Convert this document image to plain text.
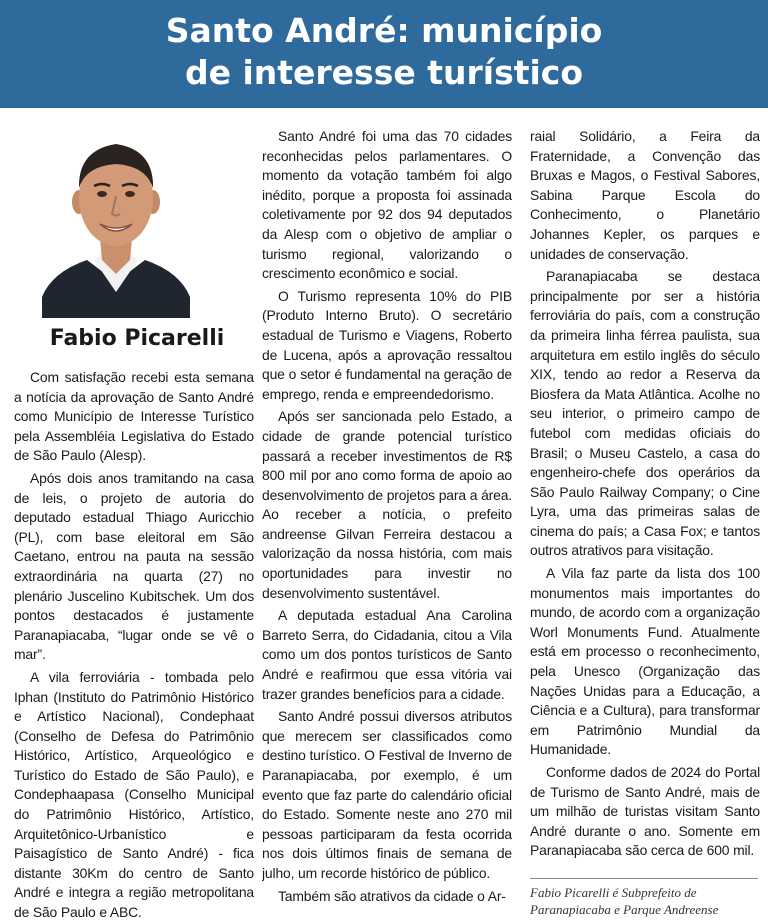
Santo André: município
de interesse turístico
Fabio Picarelli

Com satisfação recebi esta semana a notícia da aprovação de Santo André como Município de Interesse Turístico pela Assembléia Legislativa do Estado de São Paulo (Alesp).

Após dois anos tramitando na casa de leis, o projeto de autoria do deputado estadual Thiago Auricchio (PL), com base eleitoral em São Caetano, entrou na pauta na sessão extraordinária na quarta (27) no plenário Juscelino Kubitschek. Um dos pontos destacados é justamente Paranapiacaba, “lugar onde se vê o mar”.

A vila ferroviária - tombada pelo Iphan (Instituto do Patrimônio Histórico e Artístico Nacional), Condephaat (Conselho de Defesa do Patrimônio Histórico, Artístico, Arqueológico e Turístico do Estado de São Paulo), e Condephaapasa (Conselho Municipal do Patrimônio Histórico, Artístico, Arquitetônico-Urbanístico e Paisagístico de Santo André) - fica distante 30Km do centro de Santo André e integra a região metropolitana de São Paulo e ABC.

Santo André foi uma das 70 cidades reconhecidas pelos parlamentares. O momento da votação também foi algo inédito, porque a proposta foi assinada coletivamente por 92 dos 94 deputados da Alesp com o objetivo de ampliar o turismo regional, valorizando o crescimento econômico e social.

O Turismo representa 10% do PIB (Produto Interno Bruto). O secretário estadual de Turismo e Viagens, Roberto de Lucena, após a aprovação ressaltou que o setor é fundamental na geração de emprego, renda e empreendedorismo.

Após ser sancionada pelo Estado, a cidade de grande potencial turístico passará a receber investimentos de R$ 800 mil por ano como forma de apoio ao desenvolvimento de projetos para a área. Ao receber a notícia, o prefeito andreense Gilvan Ferreira destacou a valorização da nossa história, com mais oportunidades para investir no desenvolvimento sustentável.

A deputada estadual Ana Carolina Barreto Serra, do Cidadania, citou a Vila como um dos pontos turísticos de Santo André e reafirmou que essa vitória vai trazer grandes benefícios para a cidade.

Santo André possui diversos atributos que merecem ser classificados como destino turístico. O Festival de Inverno de Paranapiacaba, por exemplo, é um evento que faz parte do calendário oficial do Estado. Somente neste ano 270 mil pessoas participaram da festa ocorrida nos dois últimos finais de semana de julho, um recorde histórico de público.

Também são atrativos da cidade o Ar-

raial Solidário, a Feira da Fraternidade, a Convenção das Bruxas e Magos, o Festival Sabores, Sabina Parque Escola do Conhecimento, o Planetário Johannes Kepler, os parques e unidades de conservação.

Paranapiacaba se destaca principalmente por ser a história ferroviária do país, com a construção da primeira linha férrea paulista, sua arquitetura em estilo inglês do século XIX, tendo ao redor a Reserva da Biosfera da Mata Atlântica. Acolhe no seu interior, o primeiro campo de futebol com medidas oficiais do Brasil; o Museu Castelo, a casa do engenheiro-chefe dos operários da São Paulo Railway Company; o Cine Lyra, uma das primeiras salas de cinema do país; a Casa Fox; e tantos outros atrativos para visitação.

A Vila faz parte da lista dos 100 monumentos mais importantes do mundo, de acordo com a organização Worl Monuments Fund. Atualmente está em processo o reconhecimento, pela Unesco (Organização das Nações Unidas para a Educação, a Ciência e a Cultura), para transformar em Patrimônio Mundial da Humanidade.

Conforme dados de 2024 do Portal de Turismo de Santo André, mais de um milhão de turistas visitam Santo André durante o ano. Somente em Paranapiacaba são cerca de 600 mil.

Fabio Picarelli é Subprefeito de Paranapiacaba e Parque Andreense
